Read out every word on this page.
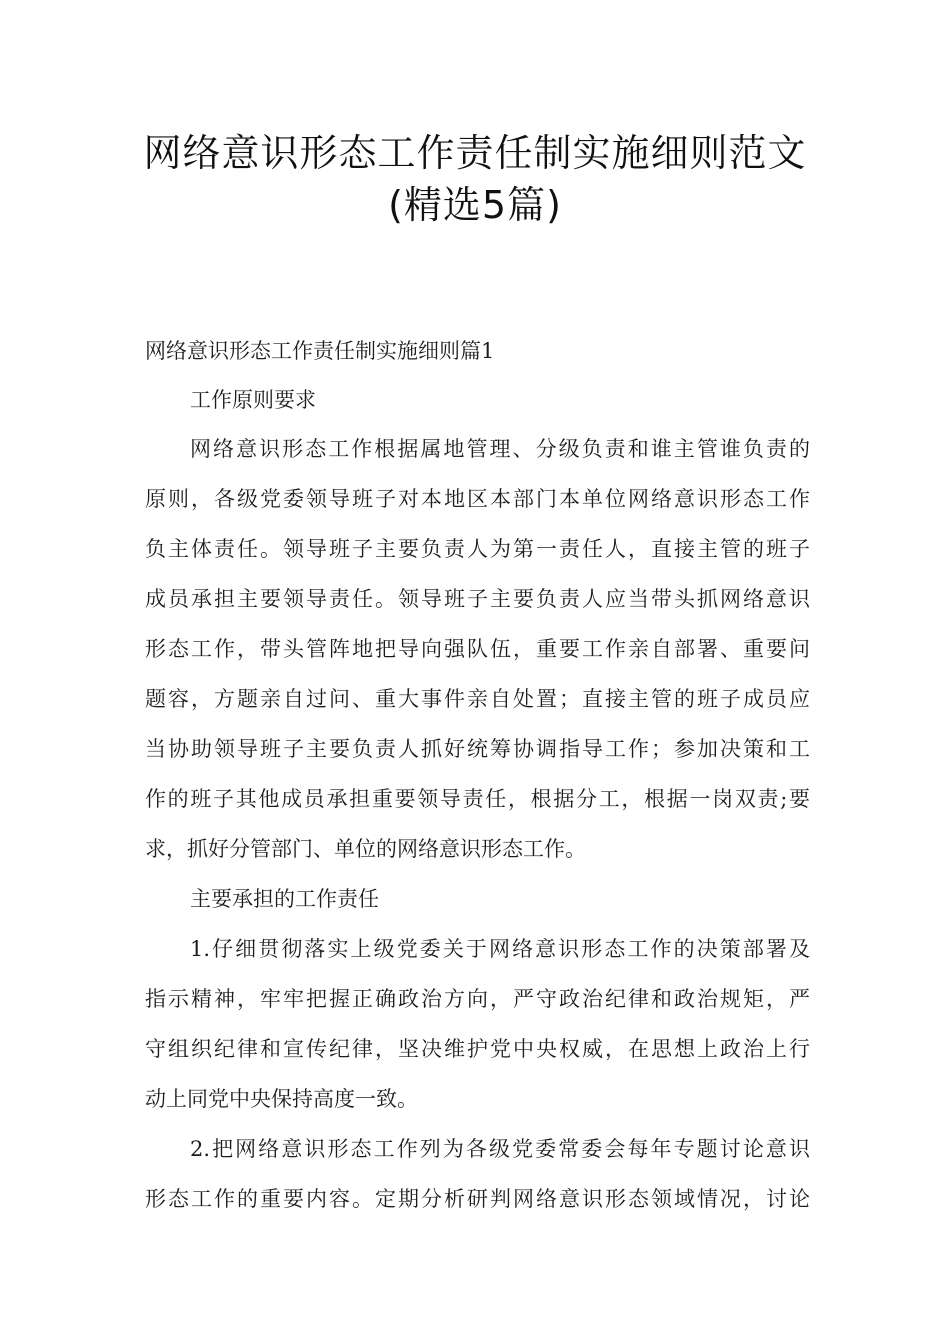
网络意识形态工作责任制实施细则范文
(精选5篇)
网络意识形态工作责任制实施细则篇1
工作原则要求
网络意识形态工作根据属地管理、分级负责和谁主管谁负责的
原则，各级党委领导班子对本地区本部门本单位网络意识形态工作
负主体责任。领导班子主要负责人为第一责任人，直接主管的班子
成员承担主要领导责任。领导班子主要负责人应当带头抓网络意识
形态工作，带头管阵地把导向强队伍，重要工作亲自部署、重要问
题容，方题亲自过问、重大事件亲自处置；直接主管的班子成员应
当协助领导班子主要负责人抓好统筹协调指导工作；参加决策和工
作的班子其他成员承担重要领导责任，根据分工，根据一岗双责;要
求，抓好分管部门、单位的网络意识形态工作。
主要承担的工作责任
1.仔细贯彻落实上级党委关于网络意识形态工作的决策部署及
指示精神，牢牢把握正确政治方向，严守政治纪律和政治规矩，严
守组织纪律和宣传纪律，坚决维护党中央权威，在思想上政治上行
动上同党中央保持高度一致。
2.把网络意识形态工作列为各级党委常委会每年专题讨论意识
形态工作的重要内容。定期分析研判网络意识形态领域情况，讨论
